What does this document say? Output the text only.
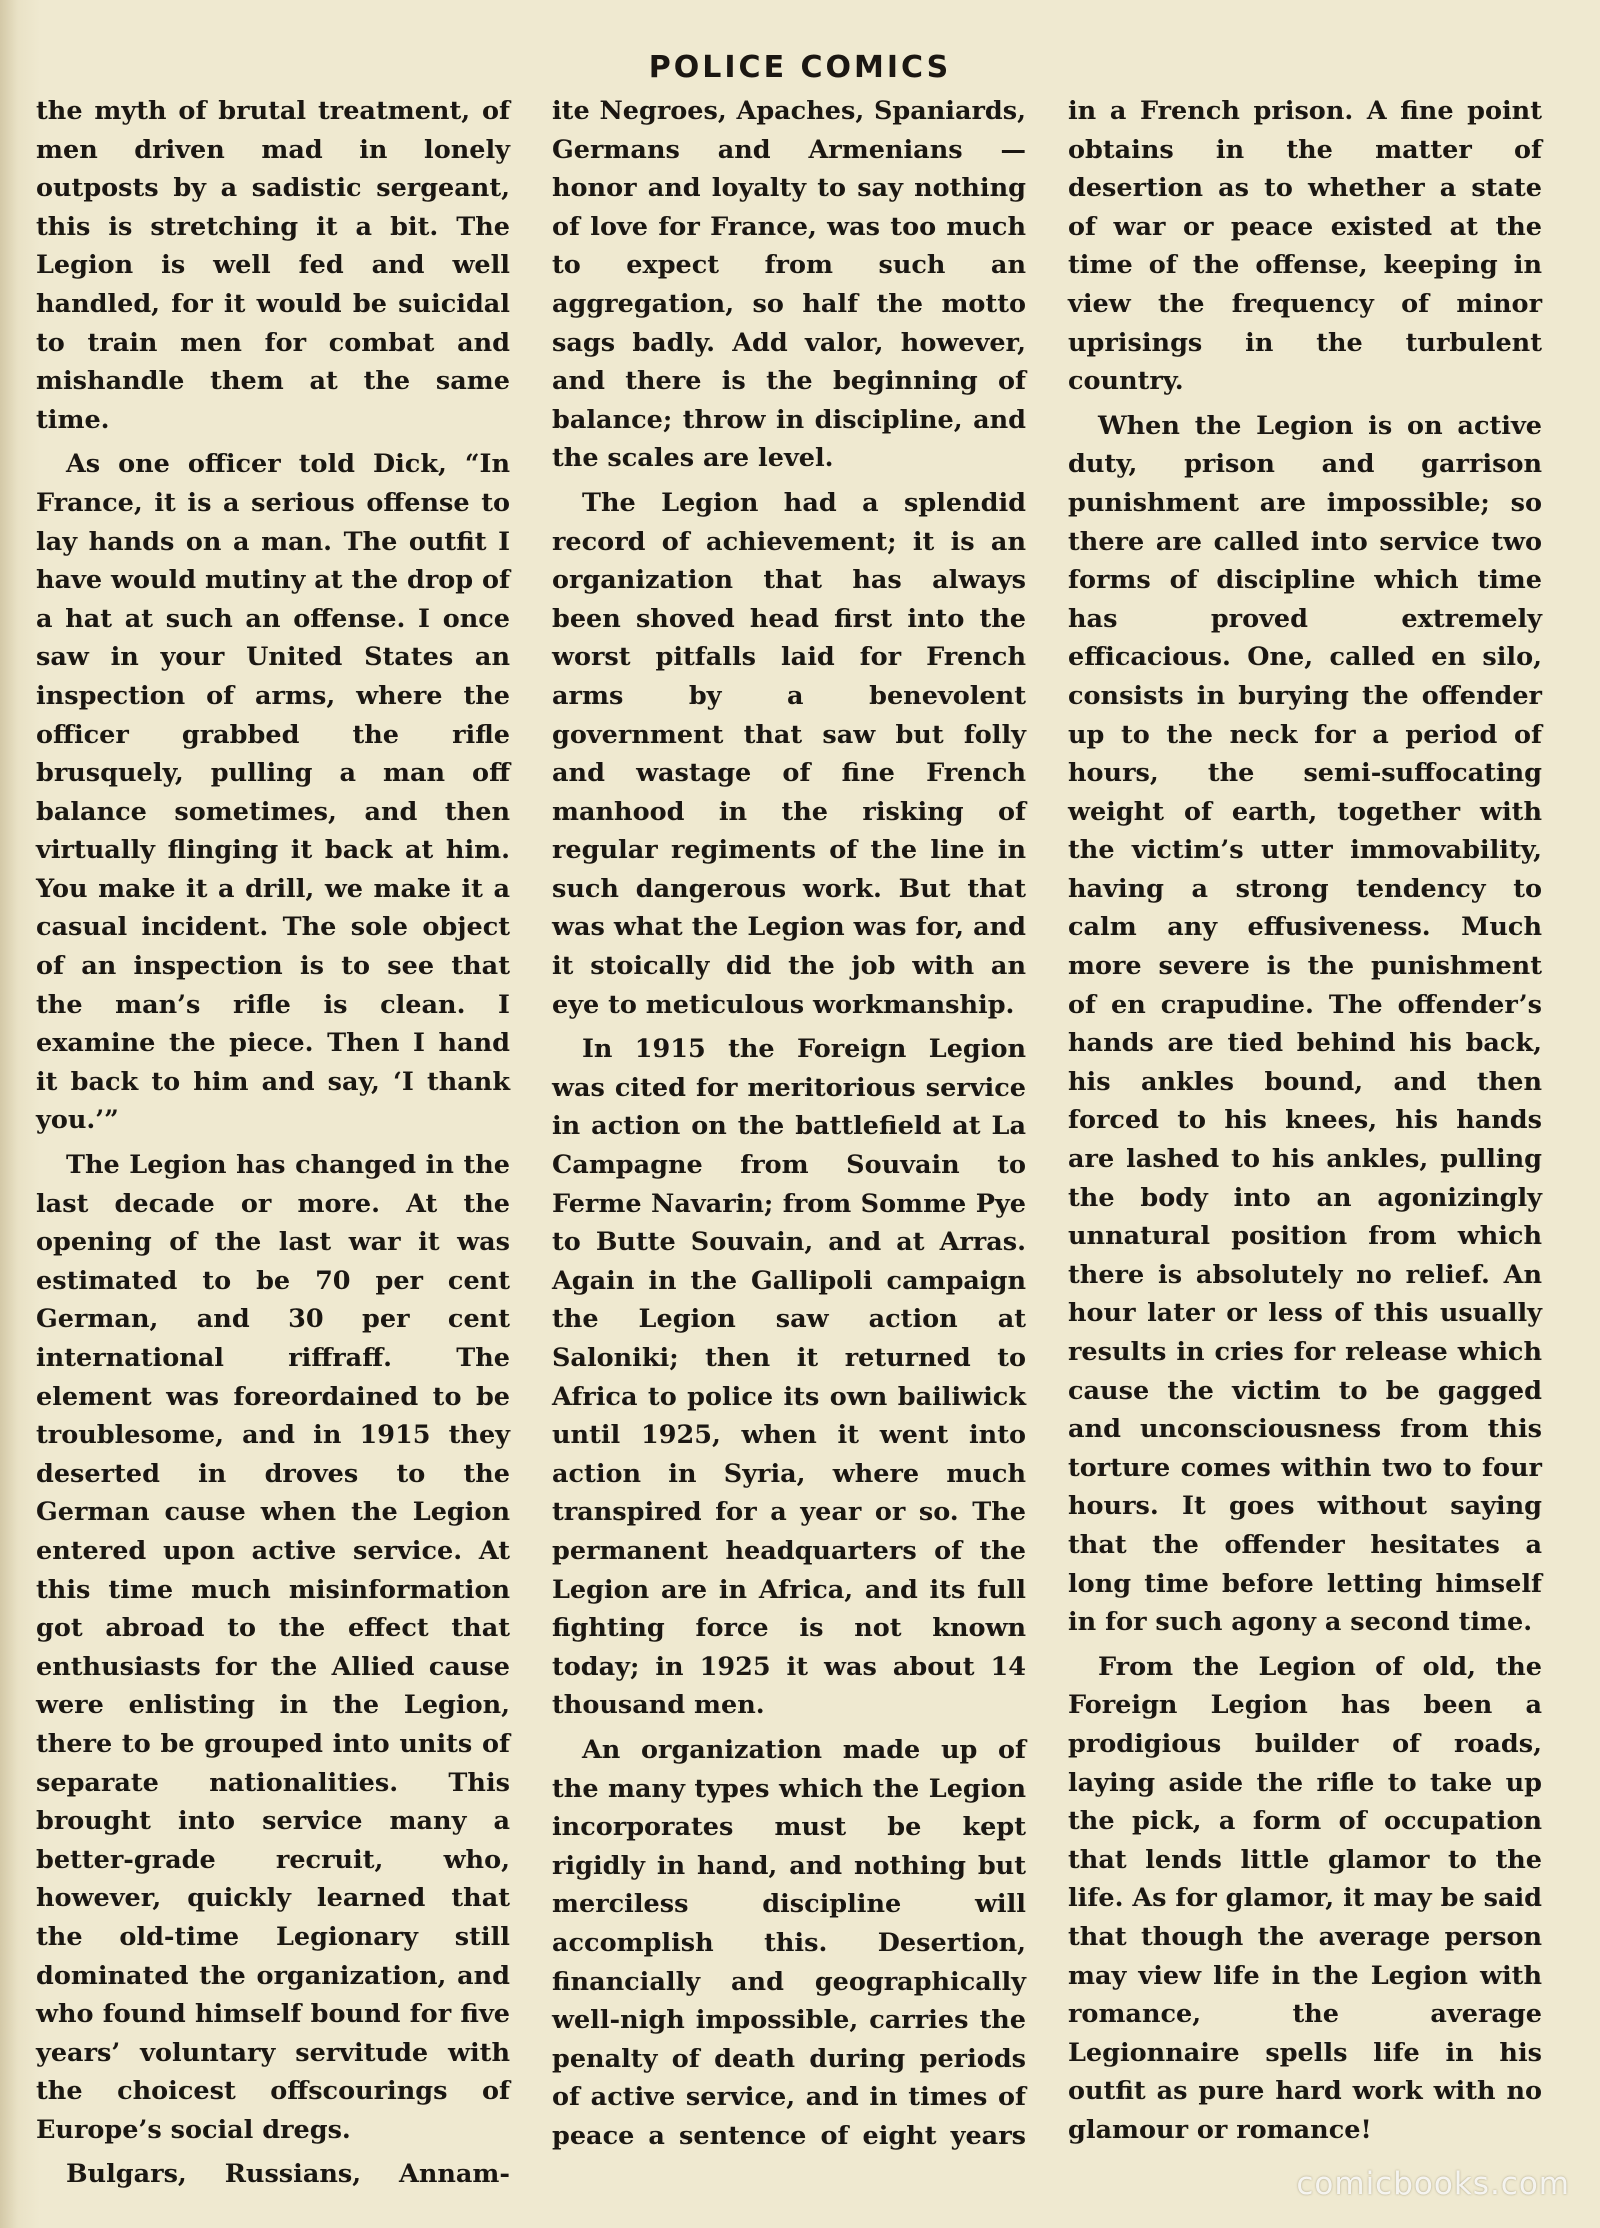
POLICE COMICS

the myth of brutal treatment, of men driven mad in lonely outposts by a sadistic sergeant, this is stretching it a bit. The Legion is well fed and well handled, for it would be suicidal to train men for combat and mishandle them at the same time.

As one officer told Dick, “In France, it is a serious offense to lay hands on a man. The outfit I have would mutiny at the drop of a hat at such an offense. I once saw in your United States an inspection of arms, where the officer grabbed the rifle brusquely, pulling a man off balance sometimes, and then virtually flinging it back at him. You make it a drill, we make it a casual incident. The sole object of an inspection is to see that the man’s rifle is clean. I examine the piece. Then I hand it back to him and say, ‘I thank you.’”

The Legion has changed in the last decade or more. At the opening of the last war it was estimated to be 70 per cent German, and 30 per cent international riffraff. The element was foreordained to be troublesome, and in 1915 they deserted in droves to the German cause when the Legion entered upon active service. At this time much misinformation got abroad to the effect that enthusiasts for the Allied cause were enlisting in the Legion, there to be grouped into units of separate nationalities. This brought into service many a better-grade recruit, who, however, quickly learned that the old-time Legionary still dominated the organization, and who found himself bound for five years’ voluntary servitude with the choicest offscourings of Europe’s social dregs.

Bulgars, Russians, Annam-

ite Negroes, Apaches, Spaniards, Germans and Armenians — honor and loyalty to say nothing of love for France, was too much to expect from such an aggregation, so half the motto sags badly. Add valor, however, and there is the beginning of balance; throw in discipline, and the scales are level.

The Legion had a splendid record of achievement; it is an organization that has always been shoved head first into the worst pitfalls laid for French arms by a benevolent government that saw but folly and wastage of fine French manhood in the risking of regular regiments of the line in such dangerous work. But that was what the Legion was for, and it stoically did the job with an eye to meticulous workmanship.

In 1915 the Foreign Legion was cited for meritorious service in action on the battlefield at La Campagne from Souvain to Ferme Navarin; from Somme Pye to Butte Souvain, and at Arras. Again in the Gallipoli campaign the Legion saw action at Saloniki; then it returned to Africa to police its own bailiwick until 1925, when it went into action in Syria, where much transpired for a year or so. The permanent headquarters of the Legion are in Africa, and its full fighting force is not known today; in 1925 it was about 14 thousand men.

An organization made up of the many types which the Legion incorporates must be kept rigidly in hand, and nothing but merciless discipline will accomplish this. Desertion, financially and geographically well-nigh impossible, carries the penalty of death during periods of active service, and in times of peace a sentence of eight years

in a French prison. A fine point obtains in the matter of desertion as to whether a state of war or peace existed at the time of the offense, keeping in view the frequency of minor uprisings in the turbulent country.

When the Legion is on active duty, prison and garrison punishment are impossible; so there are called into service two forms of discipline which time has proved extremely efficacious. One, called en silo, consists in burying the offender up to the neck for a period of hours, the semi-suffocating weight of earth, together with the victim’s utter immovability, having a strong tendency to calm any effusiveness. Much more severe is the punishment of en crapudine. The offender’s hands are tied behind his back, his ankles bound, and then forced to his knees, his hands are lashed to his ankles, pulling the body into an agonizingly unnatural position from which there is absolutely no relief. An hour later or less of this usually results in cries for release which cause the victim to be gagged and unconsciousness from this torture comes within two to four hours. It goes without saying that the offender hesitates a long time before letting himself in for such agony a second time.

From the Legion of old, the Foreign Legion has been a prodigious builder of roads, laying aside the rifle to take up the pick, a form of occupation that lends little glamor to the life. As for glamor, it may be said that though the average person may view life in the Legion with romance, the average Legionnaire spells life in his outfit as pure hard work with no glamour or romance!

comicbooks.com
